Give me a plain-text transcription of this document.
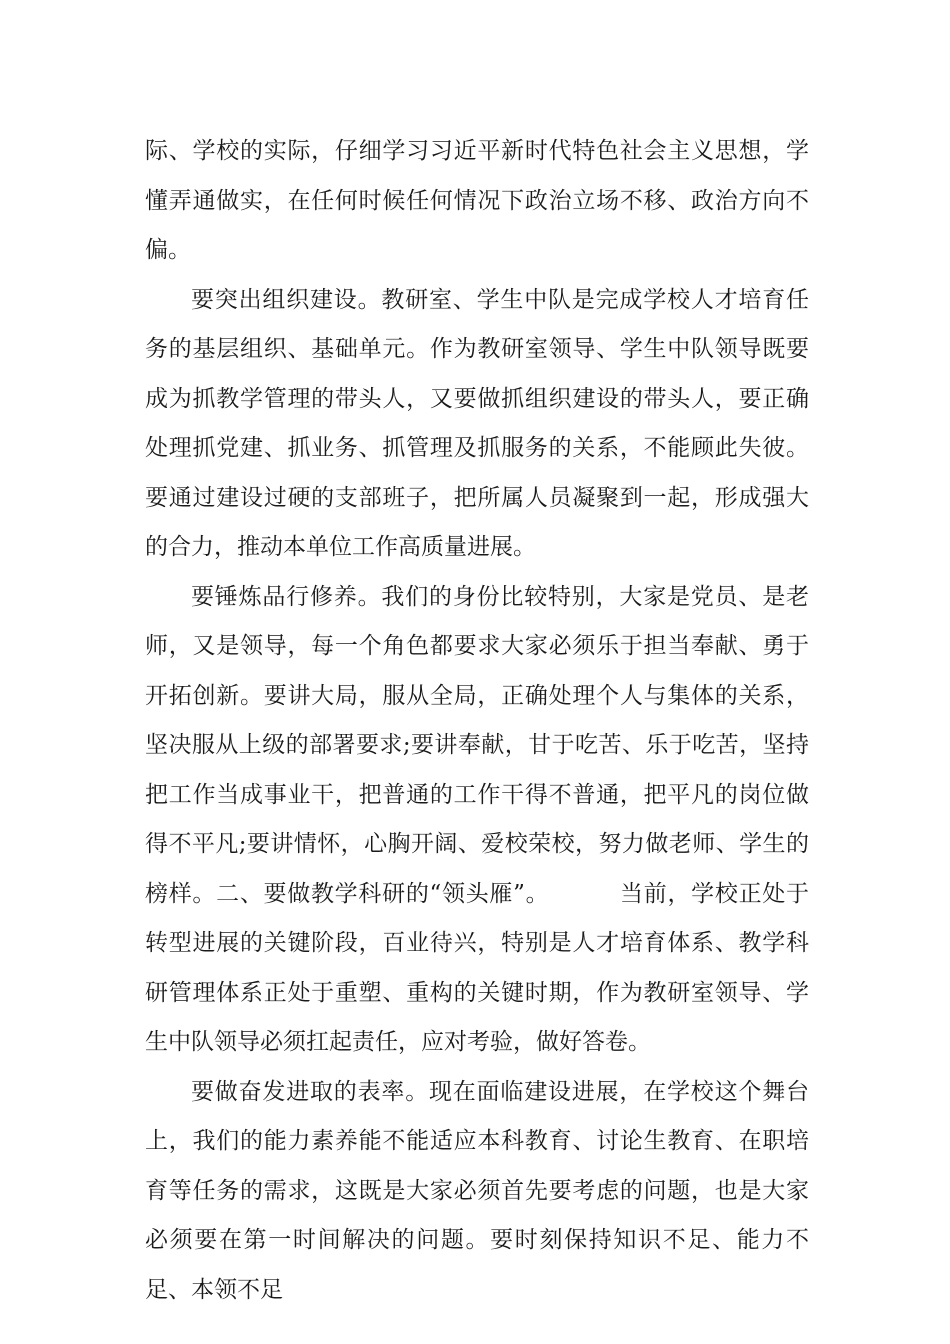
际、学校的实际，仔细学习习近平新时代特色社会主义思想，学懂弄通做实，在任何时候任何情况下政治立场不移、政治方向不偏。

要突出组织建设。教研室、学生中队是完成学校人才培育任务的基层组织、基础单元。作为教研室领导、学生中队领导既要成为抓教学管理的带头人，又要做抓组织建设的带头人，要正确处理抓党建、抓业务、抓管理及抓服务的关系，不能顾此失彼。要通过建设过硬的支部班子，把所属人员凝聚到一起，形成强大的合力，推动本单位工作高质量进展。

要锤炼品行修养。我们的身份比较特别，大家是党员、是老师，又是领导，每一个角色都要求大家必须乐于担当奉献、勇于开拓创新。要讲大局，服从全局，正确处理个人与集体的关系，坚决服从上级的部署要求;要讲奉献，甘于吃苦、乐于吃苦，坚持把工作当成事业干，把普通的工作干得不普通，把平凡的岗位做得不平凡;要讲情怀，心胸开阔、爱校荣校，努力做老师、学生的榜样。二、要做教学科研的“领头雁”。	当前，学校正处于转型进展的关键阶段，百业待兴，特别是人才培育体系、教学科研管理体系正处于重塑、重构的关键时期，作为教研室领导、学生中队领导必须扛起责任，应对考验，做好答卷。

要做奋发进取的表率。现在面临建设进展，在学校这个舞台上，我们的能力素养能不能适应本科教育、讨论生教育、在职培育等任务的需求，这既是大家必须首先要考虑的问题，也是大家必须要在第一时间解决的问题。要时刻保持知识不足、能力不足、本领不足
